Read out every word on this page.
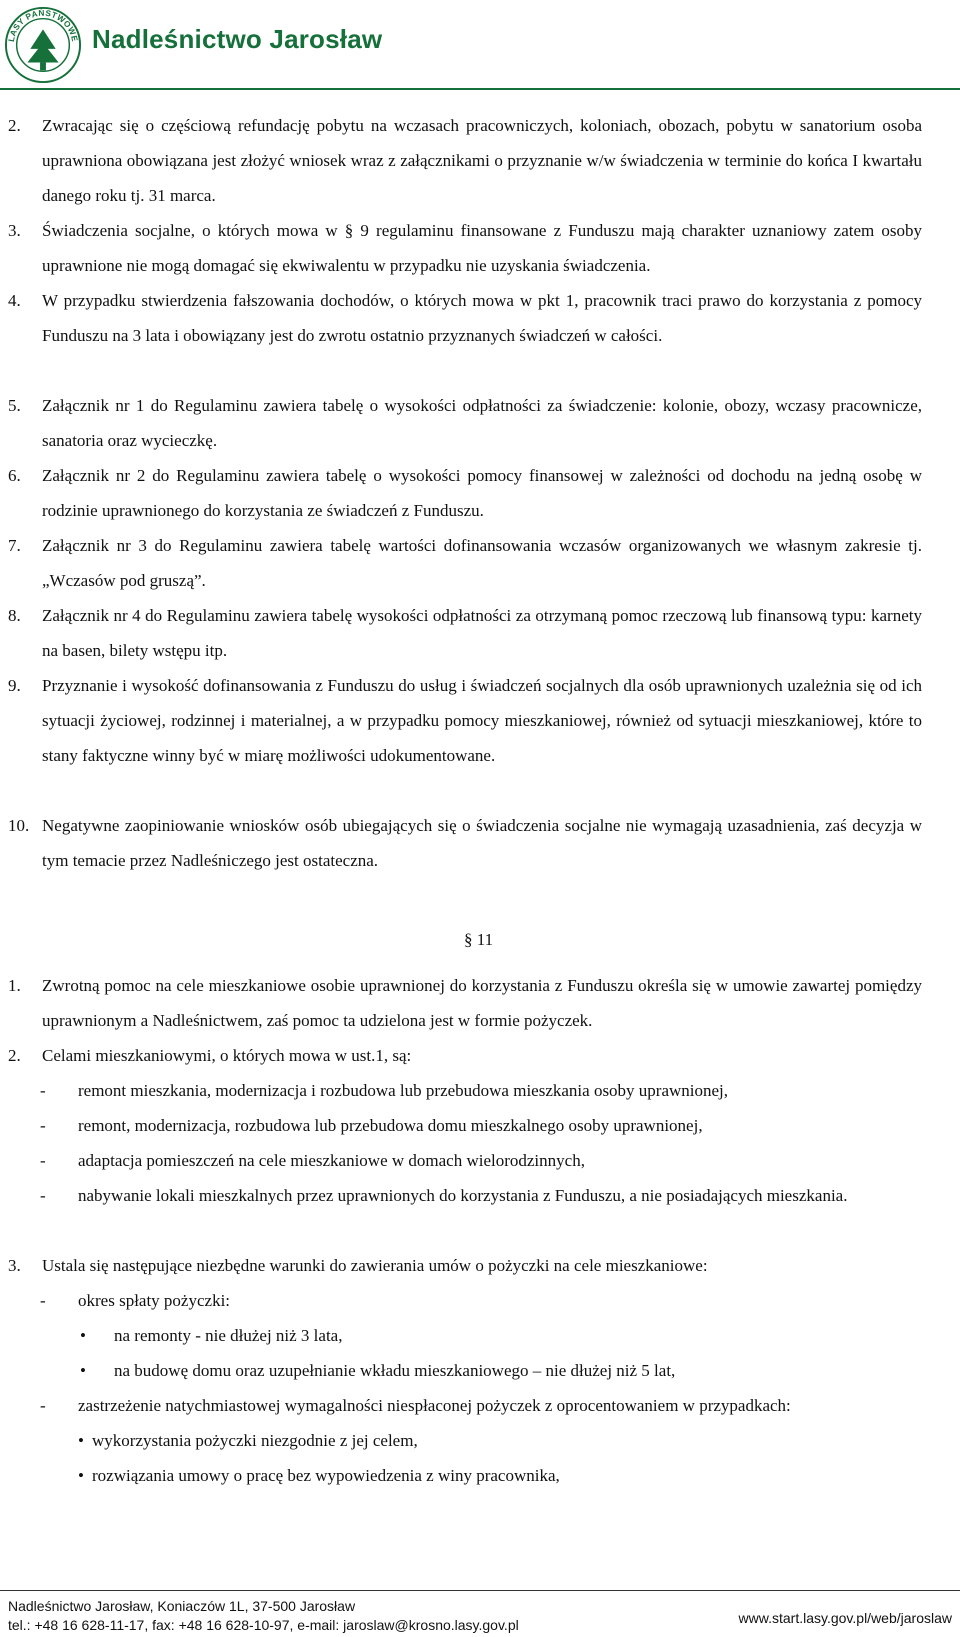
LASY PAŃSTWOWE Nadleśnictwo Jarosław
2. Zwracając się o częściową refundację pobytu na wczasach pracowniczych, koloniach, obozach, pobytu w sanatorium osoba uprawniona obowiązana jest złożyć wniosek wraz z załącznikami o przyznanie w/w świadczenia w terminie do końca I kwartału danego roku tj. 31 marca.
3. Świadczenia socjalne, o których mowa w § 9 regulaminu finansowane z Funduszu mają charakter uznaniowy zatem osoby uprawnione nie mogą domagać się ekwiwalentu w przypadku nie uzyskania świadczenia.
4. W przypadku stwierdzenia fałszowania dochodów, o których mowa w pkt 1, pracownik traci prawo do korzystania z pomocy Funduszu na 3 lata i obowiązany jest do zwrotu ostatnio przyznanych świadczeń w całości.
5. Załącznik nr 1 do Regulaminu zawiera tabelę o wysokości odpłatności za świadczenie: kolonie, obozy, wczasy pracownicze, sanatoria oraz wycieczkę.
6. Załącznik nr 2 do Regulaminu zawiera tabelę o wysokości pomocy finansowej w zależności od dochodu na jedną osobę w rodzinie uprawnionego do korzystania ze świadczeń z Funduszu.
7. Załącznik nr 3 do Regulaminu zawiera tabelę wartości dofinansowania wczasów organizowanych we własnym zakresie tj. „Wczasów pod gruszą”.
8. Załącznik nr 4 do Regulaminu zawiera tabelę wysokości odpłatności za otrzymaną pomoc rzeczową lub finansową typu: karnety na basen, bilety wstępu itp.
9. Przyznanie i wysokość dofinansowania z Funduszu do usług i świadczeń socjalnych dla osób uprawnionych uzależnia się od ich sytuacji życiowej, rodzinnej i materialnej, a w przypadku pomocy mieszkaniowej, również od sytuacji mieszkaniowej, które to stany faktyczne winny być w miarę możliwości udokumentowane.
10. Negatywne zaopiniowanie wniosków osób ubiegających się o świadczenia socjalne nie wymagają uzasadnienia, zaś decyzja w tym temacie przez Nadleśniczego jest ostateczna.
§ 11
1. Zwrotną pomoc na cele mieszkaniowe osobie uprawnionej do korzystania z Funduszu określa się w umowie zawartej pomiędzy uprawnionym a Nadleśnictwem, zaś pomoc ta udzielona jest w formie pożyczek.
2. Celami mieszkaniowymi, o których mowa w ust.1, są:
- remont mieszkania, modernizacja i rozbudowa lub przebudowa mieszkania osoby uprawnionej,
- remont, modernizacja, rozbudowa lub przebudowa domu mieszkalnego osoby uprawnionej,
- adaptacja pomieszczeń na cele mieszkaniowe w domach wielorodzinnych,
- nabywanie lokali mieszkalnych przez uprawnionych do korzystania z Funduszu, a nie posiadających mieszkania.
3. Ustala się następujące niezbędne warunki do zawierania umów o pożyczki na cele mieszkaniowe:
- okres spłaty pożyczki:
• na remonty - nie dłużej niż 3 lata,
• na budowę domu oraz uzupełnianie wkładu mieszkaniowego – nie dłużej niż 5 lat,
- zastrzeżenie natychmiastowej wymagalności niespłaconej pożyczek z oprocentowaniem w przypadkach:
• wykorzystania pożyczki niezgodnie z jej celem,
• rozwiązania umowy o pracę bez wypowiedzenia z winy pracownika,
Nadleśnictwo Jarosław, Koniaczów 1L, 37-500 Jarosław
tel.: +48 16 628-11-17, fax: +48 16 628-10-97, e-mail: jaroslaw@krosno.lasy.gov.pl	www.start.lasy.gov.pl/web/jaroslaw
